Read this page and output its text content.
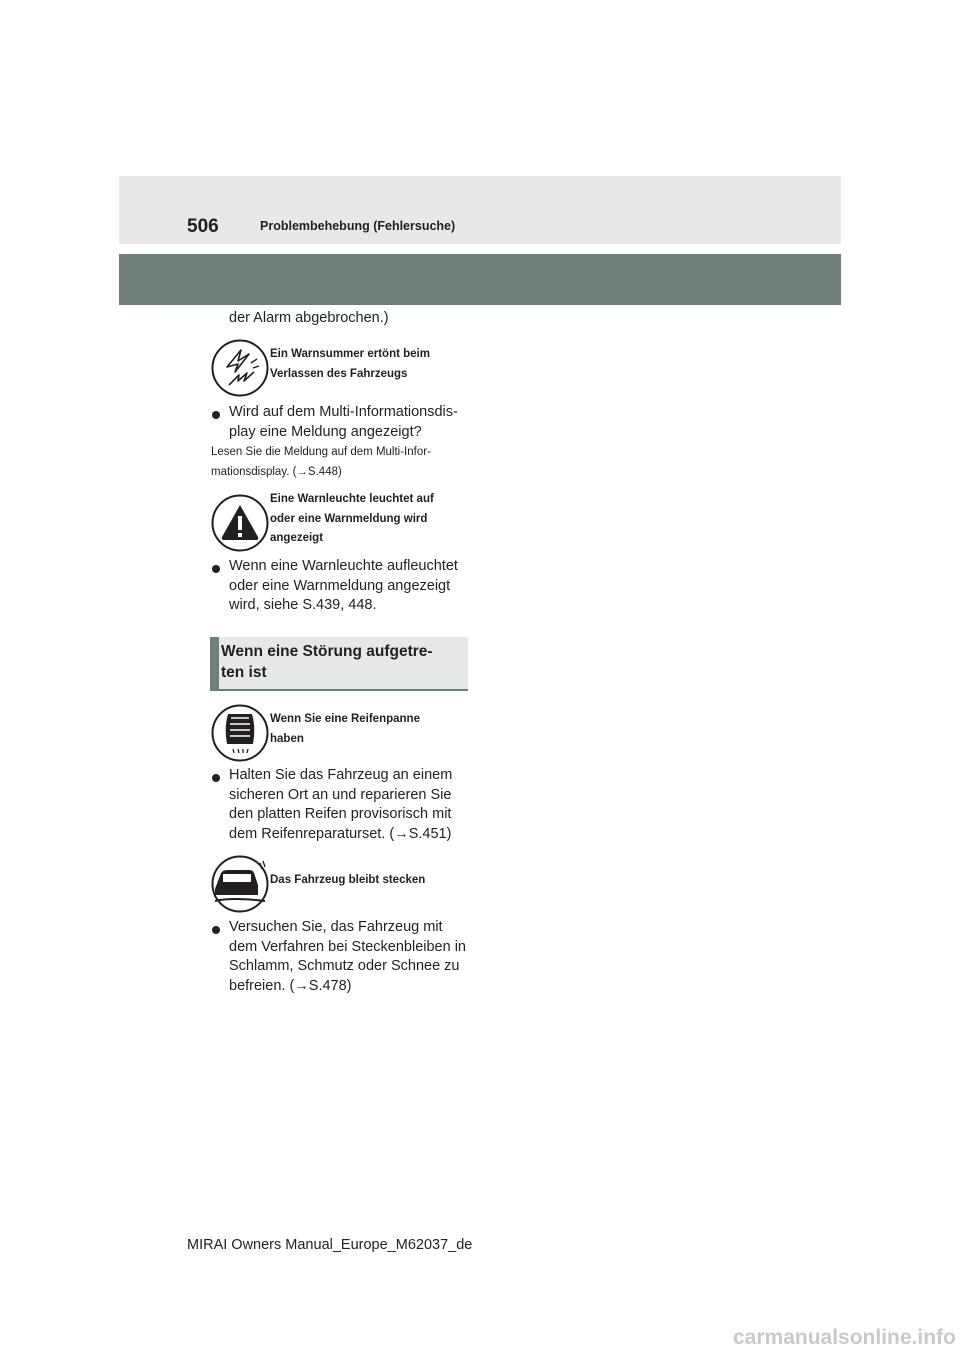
506	Problembehebung (Fehlersuche)
der Alarm abgebrochen.)
Ein Warnsummer ertönt beim
Verlassen des Fahrzeugs
Wird auf dem Multi-Informationsdis-
play eine Meldung angezeigt?
Lesen Sie die Meldung auf dem Multi-Infor-
mationsdisplay. (→S.448)
Eine Warnleuchte leuchtet auf
oder eine Warnmeldung wird
angezeigt
Wenn eine Warnleuchte aufleuchtet
oder eine Warnmeldung angezeigt
wird, siehe S.439, 448.
Wenn eine Störung aufgetre-
ten ist
Wenn Sie eine Reifenpanne
haben
Halten Sie das Fahrzeug an einem
sicheren Ort an und reparieren Sie
den platten Reifen provisorisch mit
dem Reifenreparaturset. (→S.451)
Das Fahrzeug bleibt stecken
Versuchen Sie, das Fahrzeug mit
dem Verfahren bei Steckenbleiben in
Schlamm, Schmutz oder Schnee zu
befreien. (→S.478)
MIRAI Owners Manual_Europe_M62037_de
carmanualsonline.info
